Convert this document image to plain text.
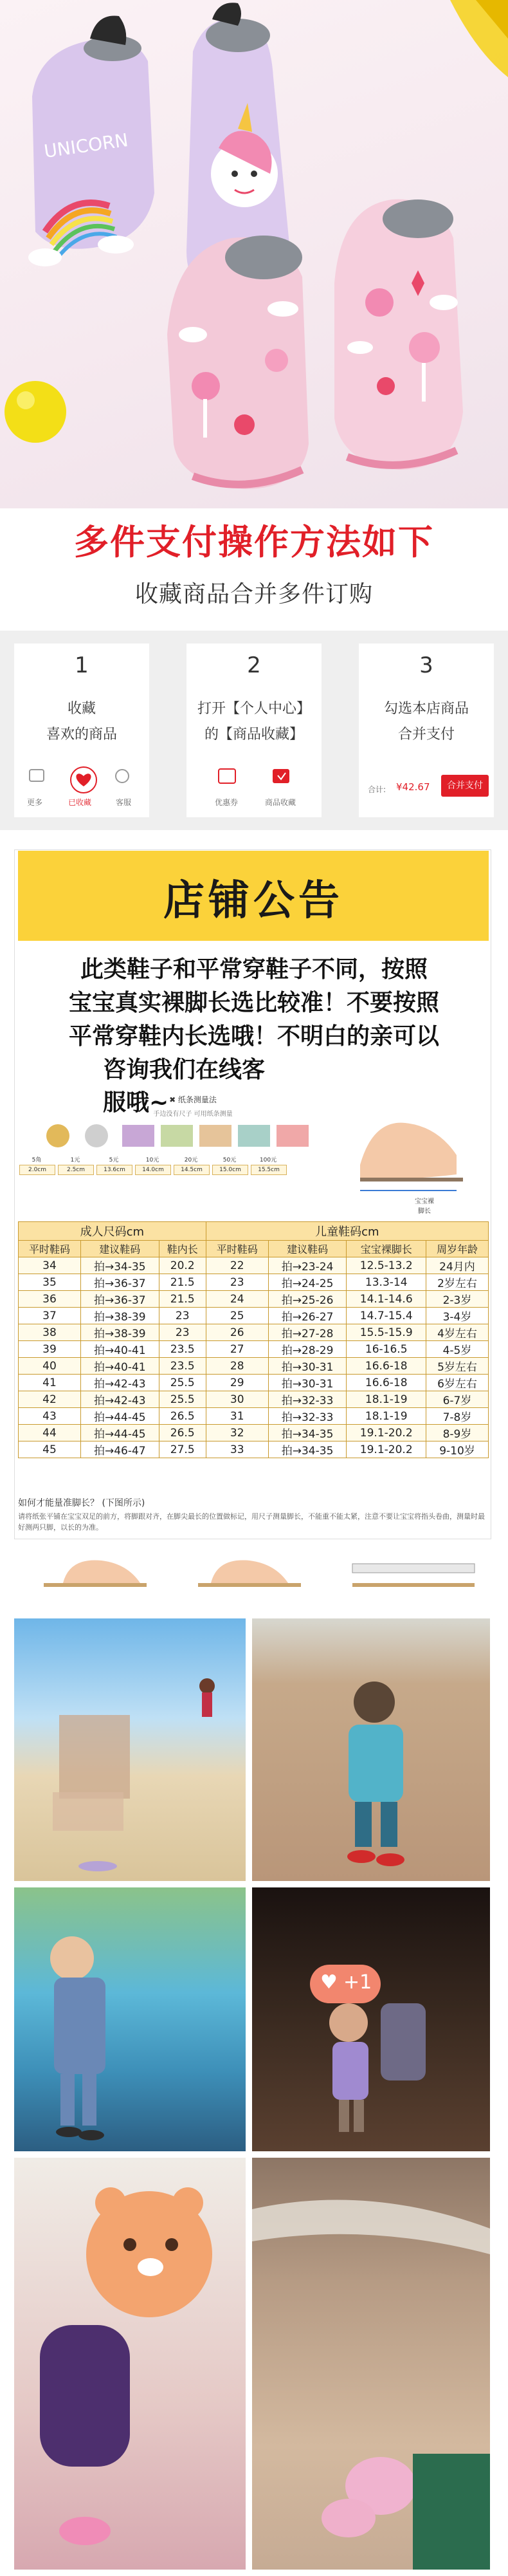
UNICORN
多件支付操作方法如下
收藏商品合并多件订购
1
收藏
喜欢的商品
更多	已收藏	客服
2
打开【个人中心】
的【商品收藏】
优惠券	商品收藏
3
勾选本店商品
合并支付
合计: ¥42.67	合并支付
店铺公告
此类鞋子和平常穿鞋子不同，按照
宝宝真实裸脚长选比较准！不要按照
平常穿鞋内长选哦！不明白的亲可以
咨询我们在线客服哦~ ✖ 纸条测量法
手边没有尺子 可用纸条测量
5角	1元	5元	10元	20元	50元	100元
2.0cm	2.5cm	13.6cm	14.0cm	14.5cm	15.0cm	15.5cm
宝宝裸
脚长
成人尺码cm			儿童鞋码cm			
平时鞋码	建议鞋码	鞋内长	平时鞋码	建议鞋码	宝宝裸脚长	周岁年龄
34	拍→34-35	20.2	22	拍→23-24	12.5-13.2	24月内
35	拍→36-37	21.5	23	拍→24-25	13.3-14	2岁左右
36	拍→36-37	21.5	24	拍→25-26	14.1-14.6	2-3岁
37	拍→38-39	23	25	拍→26-27	14.7-15.4	3-4岁
38	拍→38-39	23	26	拍→27-28	15.5-15.9	4岁左右
39	拍→40-41	23.5	27	拍→28-29	16-16.5	4-5岁
40	拍→40-41	23.5	28	拍→30-31	16.6-18	5岁左右
41	拍→42-43	25.5	29	拍→30-31	16.6-18	6岁左右
42	拍→42-43	25.5	30	拍→32-33	18.1-19	6-7岁
43	拍→44-45	26.5	31	拍→32-33	18.1-19	7-8岁
44	拍→44-45	26.5	32	拍→34-35	19.1-20.2	8-9岁
45	拍→46-47	27.5	33	拍→34-35	19.1-20.2	9-10岁
如何才能量准脚长？ (下图所示)
请将纸张平铺在宝宝双足的前方，将脚跟对齐，在脚尖最长的位置做标记，用尺子测量脚长，不能重不能太紧，注意不要让宝宝将指头卷曲，测量时最好测两只脚，以长的为准。
♥ +1
